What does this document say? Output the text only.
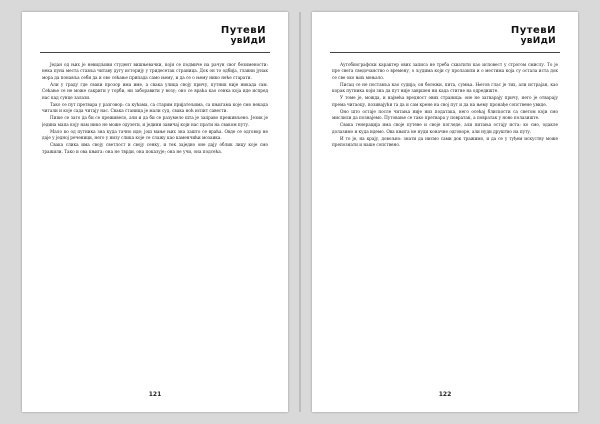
ПутевИ
увИдИ

Један од њих је невидљиви студент вишњевачки, који се подмиче на рачун свог безимености: нека пуна места ставља читаву дугу историју у тридесетак страница. Док он то одбија, главни јунак мора да понавља себи да и ово сећање припада само њему, и да се о њему нико неће старати.

Али у граду где сваки прозор има име, а свака улица своју причу, путник није никада сам. Сећање се не може сакрити у торби, ни заборавити у возу; оно се враћа као сенка која иде испред нас кад сунце залази.

Тако се пут претвара у разговор: са кућама, са старим пријатељима, са књигама које смо некада читали и које сада читају нас. Свака станица је мали суд, свака ноћ испит савести.

Пише се зато да би се преживело, али и да би се разумело шта је заправо преживљено. Језик је једина мапа коју нам нико не може одузети, и једини завичај који нас прати на сваком путу.

Мало ко од путника зна куда тачно иде; још мање њих зна зашто се враћа. Овде се одговор не даје у једној реченици, него у низу слика које се слажу као каменчићи мозаика.

Свака слика има своју светлост и своју сенку, и тек заједно оне дају облик лицу које смо тражили. Тако и ова књига: она не тврди, она показује; она не учи, она подсећа.

121
ПутевИ
увИдИ

Аутобиографски карактер ових записа не треба схватити као исповест у строгом смислу. То је пре свега сведочанство о времену, о људима који су пролазили и о местима која су остала иста док се све око њих мењало.

Писац се не поставља као судија; он бележи, пита, сумња. Његов глас је тих, али истрајан, као корак путника који зна да пут није завршен ни када стигне на одредиште.

У томе је, можда, и највећа вредност ових страница: оне не затварају причу, него је отварају према читаоцу, позивајући га да и сам крене на свој пут и да на њему пронађе сопствене увиде.

Оно што остаје после читања није низ података, него осећај блискости са светом који смо мислили да познајемо. Путовање се тако претвара у повратак, а повратак у ново полазиште.

Свака генерација има своје путеве и своје погледе, али питања остају иста: ко смо, одакле долазимо и куда идемо. Ова књига не нуди коначне одговоре, али нуди друштво на путу.

И то је, на крају, довољно: знати да нисмо сами док тражимо, и да се у туђем искуству може препознати и наше сопствено.

122
